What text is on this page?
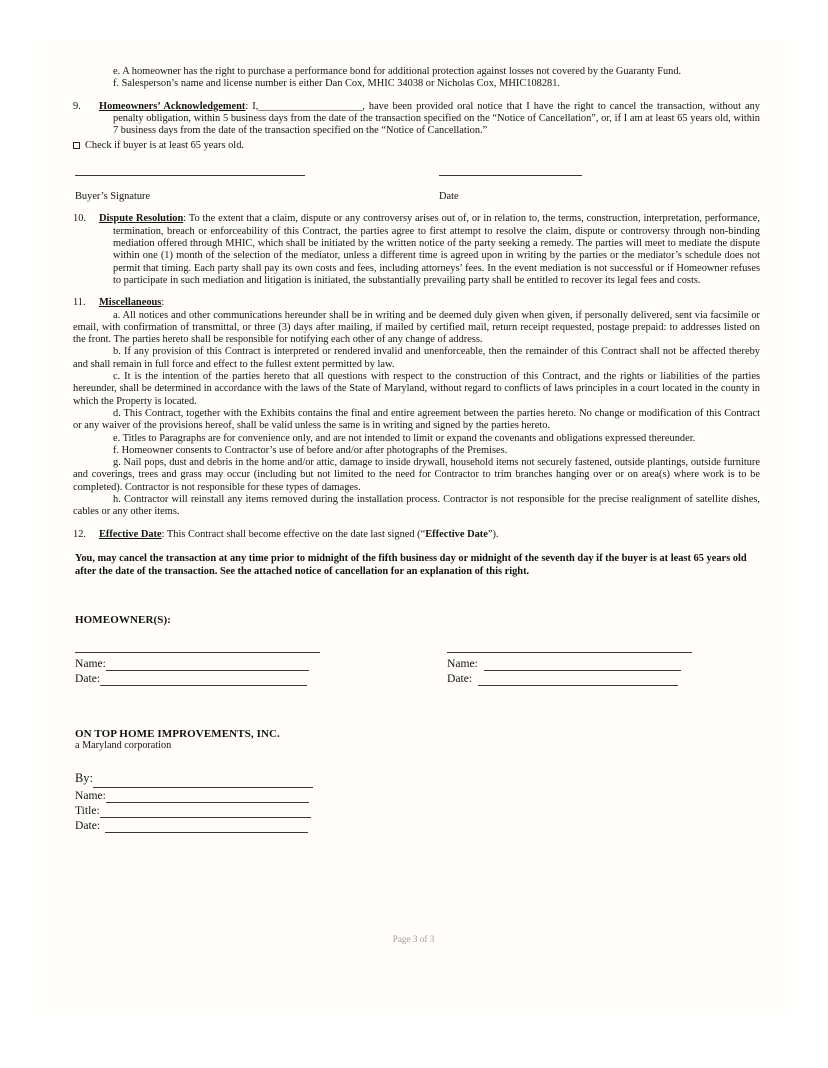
e. A homeowner has the right to purchase a performance bond for additional protection against losses not covered by the Guaranty Fund.
f. Salesperson’s name and license number is either Dan Cox, MHIC 34038 or Nicholas Cox, MHIC108281.
9.	Homeowners’ Acknowledgement: I,____________________, have been provided oral notice that I have the right to cancel the transaction, without any penalty obligation, within 5 business days from the date of the transaction specified on the “Notice of Cancellation”, or, if I am at least 65 years old, within 7 business days from the date of the transaction specified on the “Notice of Cancellation.”
Check if buyer is at least 65 years old.
Buyer’s Signature	Date
10.	Dispute Resolution: To the extent that a claim, dispute or any controversy arises out of, or in relation to, the terms, construction, interpretation, performance, termination, breach or enforceability of this Contract, the parties agree to first attempt to resolve the claim, dispute or controversy through non-binding mediation offered through MHIC, which shall be initiated by the written notice of the party seeking a remedy. The parties will meet to mediate the dispute within one (1) month of the selection of the mediator, unless a different time is agreed upon in writing by the parties or the mediator’s schedule does not permit that timing. Each party shall pay its own costs and fees, including attorneys’ fees. In the event mediation is not successful or if Homeowner refuses to participate in such mediation and litigation is initiated, the substantially prevailing party shall be entitled to recover its legal fees and costs.
11.	Miscellaneous:
a. All notices and other communications hereunder shall be in writing and be deemed duly given when given, if personally delivered, sent via facsimile or email, with confirmation of transmittal, or three (3) days after mailing, if mailed by certified mail, return receipt requested, postage prepaid: to addresses listed on the front. The parties hereto shall be responsible for notifying each other of any change of address.
b. If any provision of this Contract is interpreted or rendered invalid and unenforceable, then the remainder of this Contract shall not be affected thereby and shall remain in full force and effect to the fullest extent permitted by law.
c. It is the intention of the parties hereto that all questions with respect to the construction of this Contract, and the rights or liabilities of the parties hereunder, shall be determined in accordance with the laws of the State of Maryland, without regard to conflicts of laws principles in a court located in the county in which the Property is located.
d. This Contract, together with the Exhibits contains the final and entire agreement between the parties hereto. No change or modification of this Contract or any waiver of the provisions hereof, shall be valid unless the same is in writing and signed by the parties hereto.
e. Titles to Paragraphs are for convenience only, and are not intended to limit or expand the covenants and obligations expressed thereunder.
f. Homeowner consents to Contractor’s use of before and/or after photographs of the Premises.
g. Nail pops, dust and debris in the home and/or attic, damage to inside drywall, household items not securely fastened, outside plantings, outside furniture and coverings, trees and grass may occur (including but not limited to the need for Contractor to trim branches hanging over or on area(s) where work is to be completed). Contractor is not responsible for these types of damages.
h. Contractor will reinstall any items removed during the installation process. Contractor is not responsible for the precise realignment of satellite dishes, cables or any other items.
12.	Effective Date: This Contract shall become effective on the date last signed (“Effective Date”).
You, may cancel the transaction at any time prior to midnight of the fifth business day or midnight of the seventh day if the buyer is at least 65 years old after the date of the transaction. See the attached notice of cancellation for an explanation of this right.
HOMEOWNER(S):
Name:
Date:
Name:
Date:
ON TOP HOME IMPROVEMENTS, INC.
a Maryland corporation
By:
Name:
Title:
Date:
Page 3 of 3
